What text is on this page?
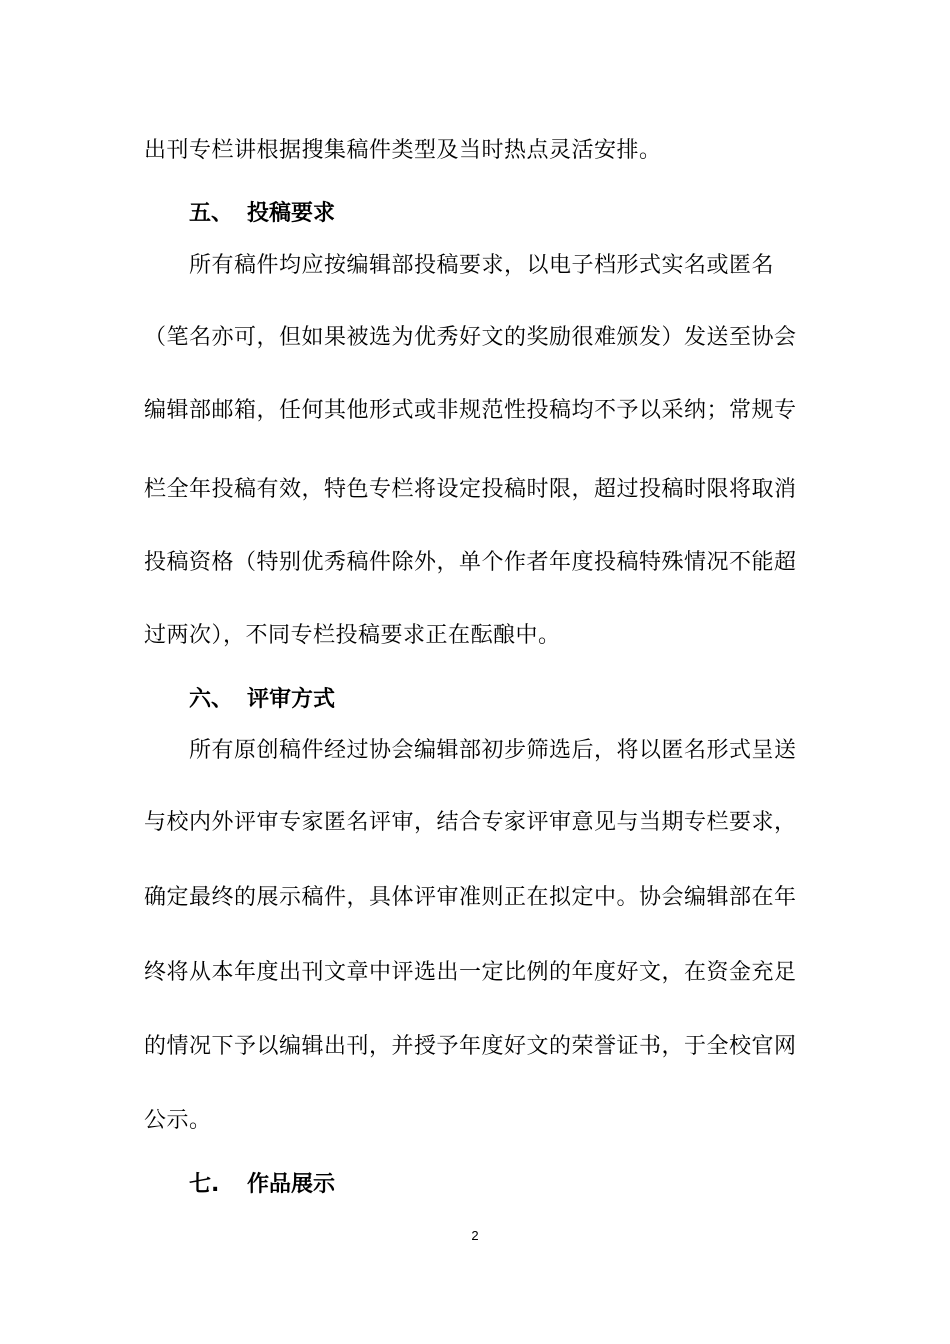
出刊专栏讲根据搜集稿件类型及当时热点灵活安排。
五、 投稿要求
所有稿件均应按编辑部投稿要求，以电子档形式实名或匿名
（笔名亦可，但如果被选为优秀好文的奖励很难颁发）发送至协会
编辑部邮箱，任何其他形式或非规范性投稿均不予以采纳；常规专
栏全年投稿有效，特色专栏将设定投稿时限，超过投稿时限将取消
投稿资格（特别优秀稿件除外，单个作者年度投稿特殊情况不能超
过两次），不同专栏投稿要求正在酝酿中。
六、 评审方式
所有原创稿件经过协会编辑部初步筛选后，将以匿名形式呈送
与校内外评审专家匿名评审，结合专家评审意见与当期专栏要求，
确定最终的展示稿件，具体评审准则正在拟定中。协会编辑部在年
终将从本年度出刊文章中评选出一定比例的年度好文，在资金充足
的情况下予以编辑出刊，并授予年度好文的荣誉证书，于全校官网
公示。
七. 作品展示
2
